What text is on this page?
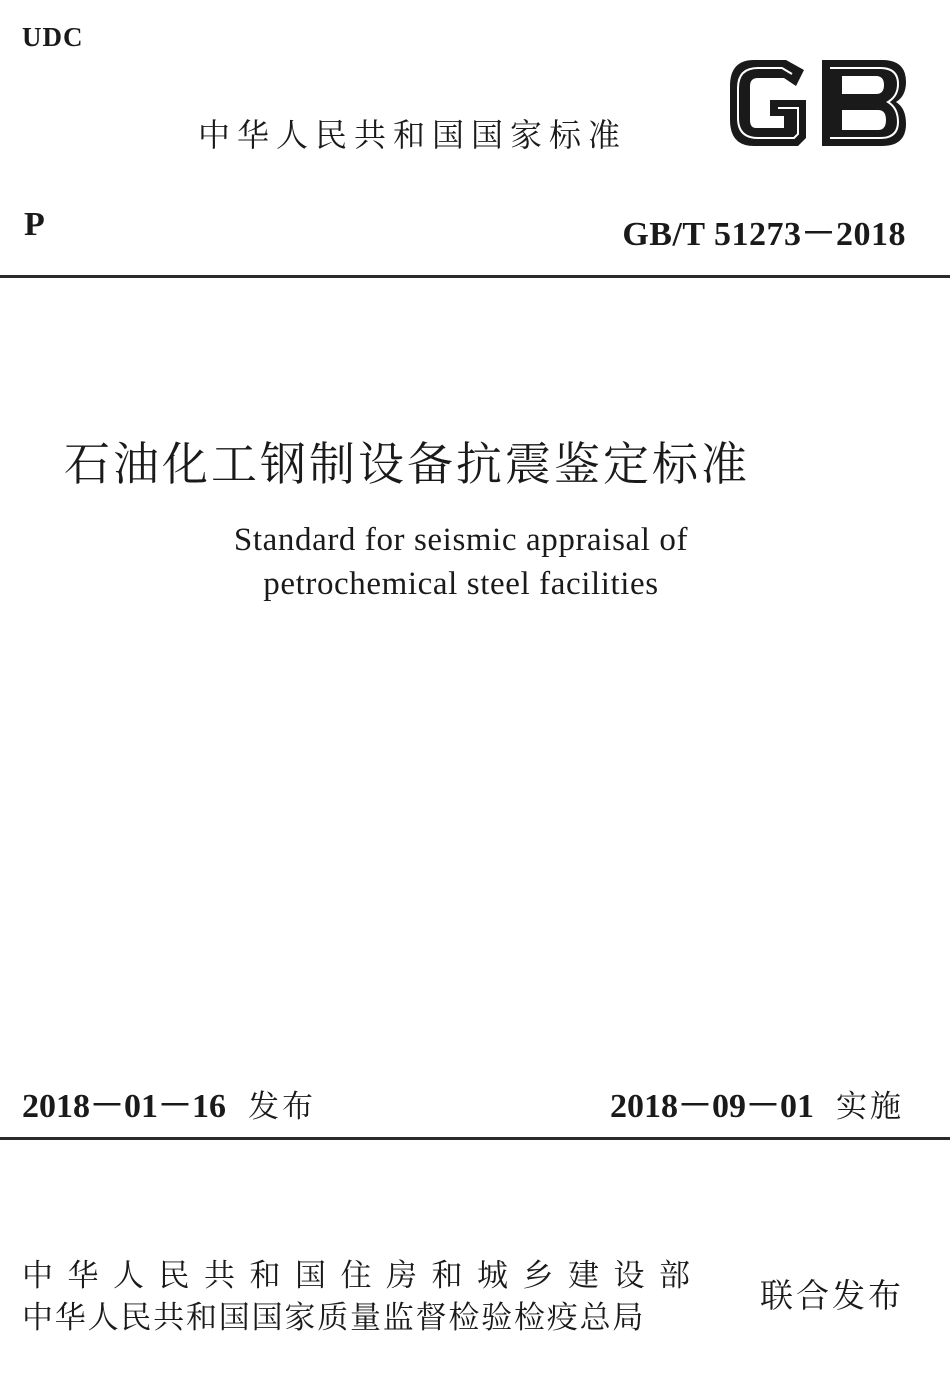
UDC
中华人民共和国国家标准
P	GB/T 51273－2018
石油化工钢制设备抗震鉴定标准
Standard for seismic appraisal of
petrochemical steel facilities
2018－01－16 发布	2018－09－01 实施
中华人民共和国住房和城乡建设部
中华人民共和国国家质量监督检验检疫总局
联合发布
